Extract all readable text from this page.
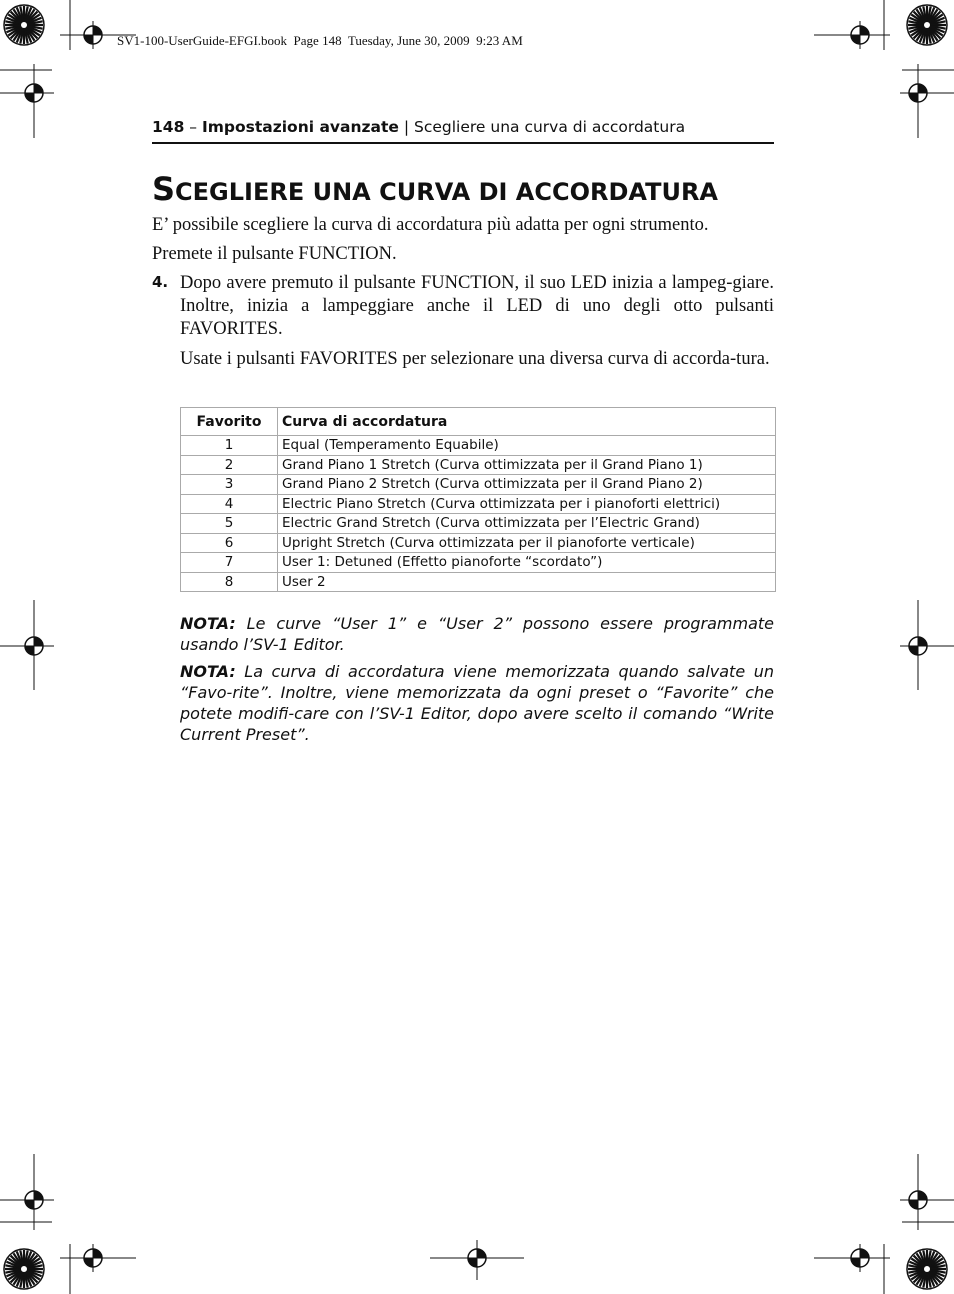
SV1-100-UserGuide-EFGI.book  Page 148  Tuesday, June 30, 2009  9:23 AM
148 – Impostazioni avanzate | Scegliere una curva di accordatura
SCEGLIERE UNA CURVA DI ACCORDATURA
E’ possibile scegliere la curva di accordatura più adatta per ogni strumento.
Premete il pulsante FUNCTION.
4. Dopo avere premuto il pulsante FUNCTION, il suo LED inizia a lampeg-giare. Inoltre, inizia a lampeggiare anche il LED di uno degli otto pulsanti FAVORITES.
Usate i pulsanti FAVORITES per selezionare una diversa curva di accorda-tura.
Favorito	Curva di accordatura
1	Equal (Temperamento Equabile)
2	Grand Piano 1 Stretch (Curva ottimizzata per il Grand Piano 1)
3	Grand Piano 2 Stretch (Curva ottimizzata per il Grand Piano 2)
4	Electric Piano Stretch (Curva ottimizzata per i pianoforti elettrici)
5	Electric Grand Stretch (Curva ottimizzata per l’Electric Grand)
6	Upright Stretch (Curva ottimizzata per il pianoforte verticale)
7	User 1: Detuned (Effetto pianoforte “scordato”)
8	User 2
NOTA: Le curve “User 1” e “User 2” possono essere programmate usando l’SV-1 Editor.
NOTA: La curva di accordatura viene memorizzata quando salvate un “Favo-rite”. Inoltre, viene memorizzata da ogni preset o “Favorite” che potete modifi-care con l’SV-1 Editor, dopo avere scelto il comando “Write Current Preset”.
